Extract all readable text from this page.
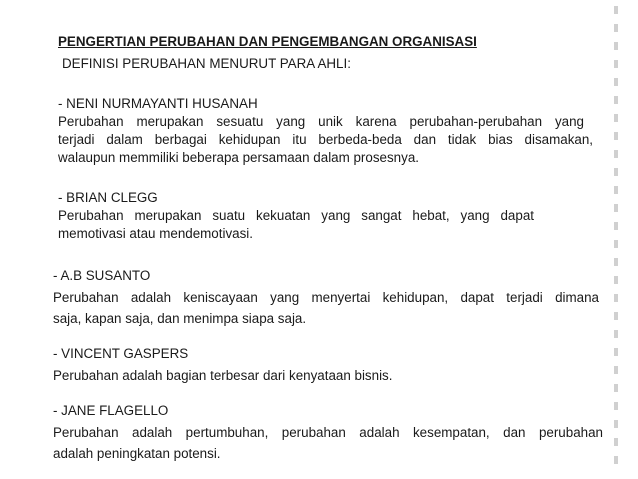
PENGERTIAN PERUBAHAN DAN PENGEMBANGAN ORGANISASI
DEFINISI PERUBAHAN MENURUT PARA AHLI:
- NENI NURMAYANTI HUSANAH
Perubahan merupakan sesuatu yang unik karena perubahan-perubahan yang
terjadi dalam berbagai kehidupan itu berbeda-beda dan tidak bias disamakan,
walaupun memmiliki beberapa persamaan dalam prosesnya.
- BRIAN CLEGG
Perubahan merupakan suatu kekuatan yang sangat hebat, yang dapat
memotivasi atau mendemotivasi.
- A.B SUSANTO
Perubahan adalah keniscayaan yang menyertai kehidupan, dapat terjadi dimana
saja, kapan saja, dan menimpa siapa saja.
- VINCENT GASPERS
Perubahan adalah bagian terbesar dari kenyataan bisnis.
- JANE FLAGELLO
Perubahan adalah pertumbuhan, perubahan adalah kesempatan, dan perubahan
adalah peningkatan potensi.
